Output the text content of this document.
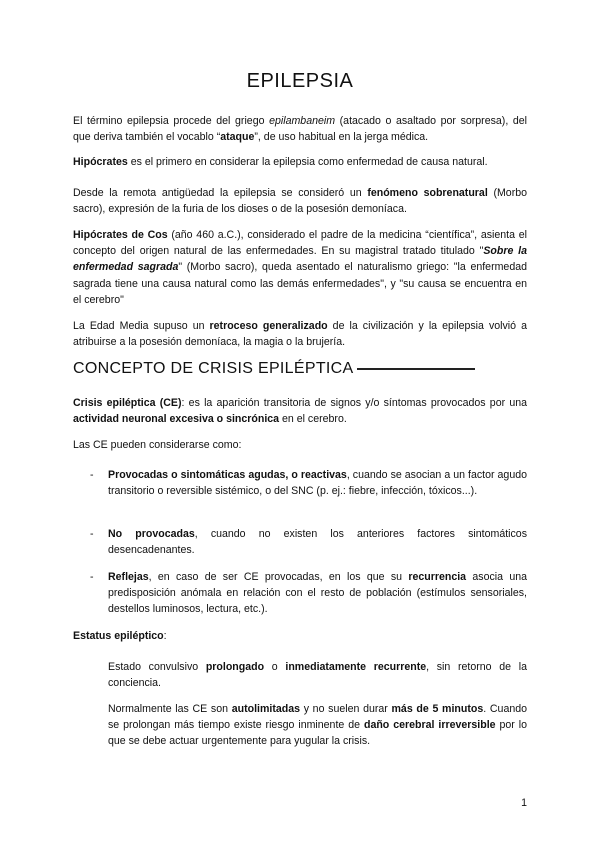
EPILEPSIA

El término epilepsia procede del griego epilambaneim (atacado o asaltado por sorpresa), del que deriva también el vocablo “ataque”, de uso habitual en la jerga médica.

Hipócrates es el primero en considerar la epilepsia como enfermedad de causa natural.

Desde la remota antigüedad la epilepsia se consideró un fenómeno sobrenatural (Morbo sacro), expresión de la furia de los dioses o de la posesión demoníaca.

Hipócrates de Cos (año 460 a.C.), considerado el padre de la medicina “científica”, asienta el concepto del origen natural de las enfermedades. En su magistral tratado titulado "Sobre la enfermedad sagrada" (Morbo sacro), queda asentado el naturalismo griego: "la enfermedad sagrada tiene una causa natural como las demás enfermedades", y "su causa se encuentra en el cerebro"

La Edad Media supuso un retroceso generalizado de la civilización y la epilepsia volvió a atribuirse a la posesión demoníaca, la magia o la brujería.

CONCEPTO DE CRISIS EPILÉPTICA

Crisis epiléptica (CE): es la aparición transitoria de signos y/o síntomas provocados por una actividad neuronal excesiva o sincrónica en el cerebro.

Las CE pueden considerarse como:

- Provocadas o sintomáticas agudas, o reactivas, cuando se asocian a un factor agudo transitorio o reversible sistémico, o del SNC (p. ej.: fiebre, infección, tóxicos...).
- No provocadas, cuando no existen los anteriores factores sintomáticos desencadenantes.
- Reflejas, en caso de ser CE provocadas, en los que su recurrencia asocia una predisposición anómala en relación con el resto de población (estímulos sensoriales, destellos luminosos, lectura, etc.).

Estatus epiléptico:

Estado convulsivo prolongado o inmediatamente recurrente, sin retorno de la conciencia.

Normalmente las CE son autolimitadas y no suelen durar más de 5 minutos. Cuando se prolongan más tiempo existe riesgo inminente de daño cerebral irreversible por lo que se debe actuar urgentemente para yugular la crisis.

1
